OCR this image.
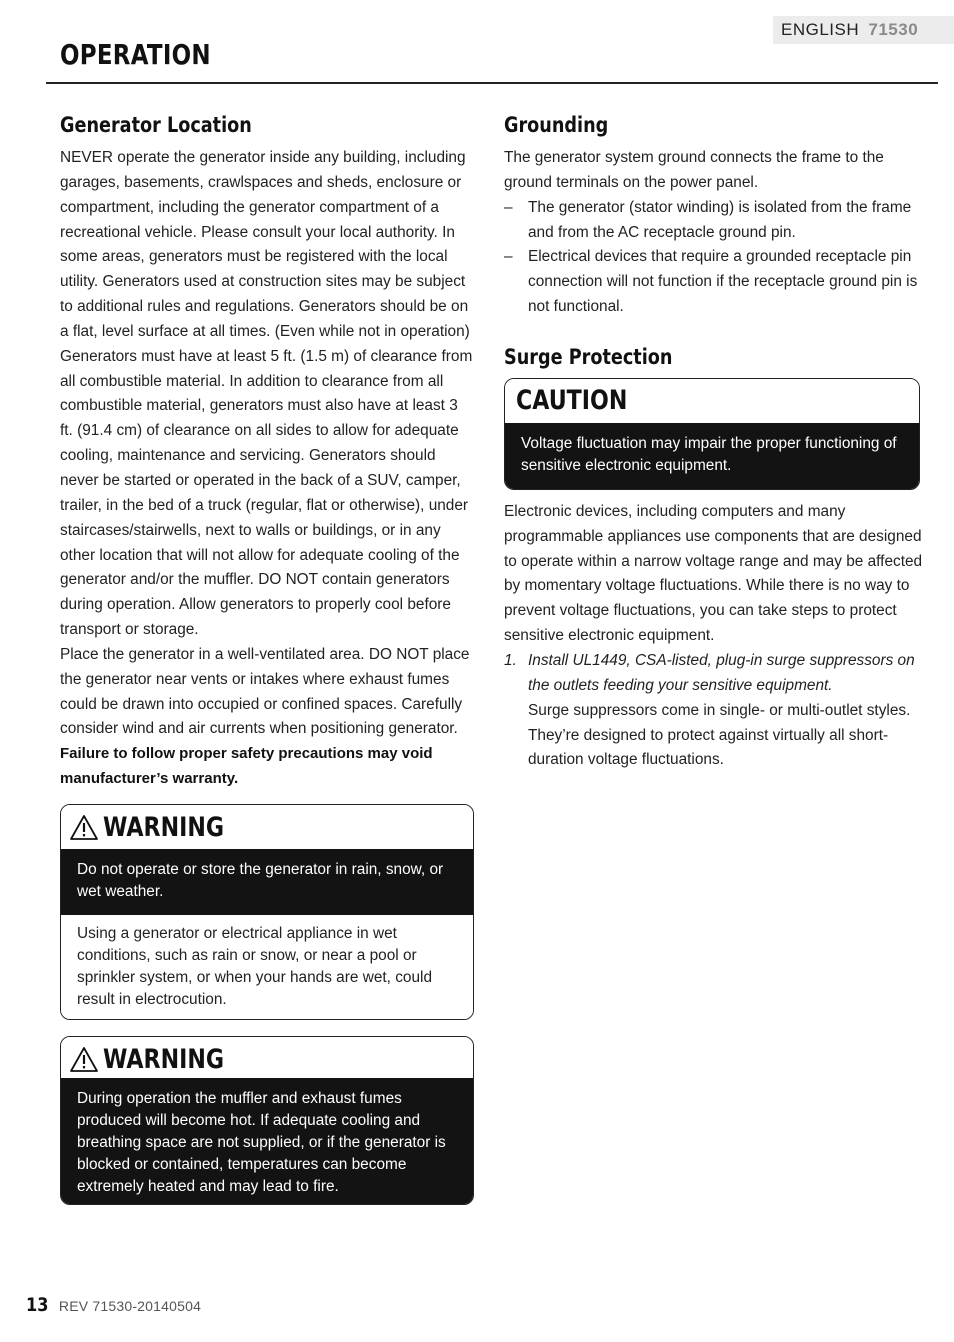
ENGLISH 71530
OPERATION
Generator Location

NEVER operate the generator inside any building, including garages, basements, crawlspaces and sheds, enclosure or compartment, including the generator compartment of a recreational vehicle. Please consult your local authority. In some areas, generators must be registered with the local utility. Generators used at construction sites may be subject to additional rules and regulations. Generators should be on a flat, level surface at all times. (Even while not in operation) Generators must have at least 5 ft. (1.5 m) of clearance from all combustible material. In addition to clearance from all combustible material, generators must also have at least 3 ft. (91.4 cm) of clearance on all sides to allow for adequate cooling, maintenance and servicing. Generators should never be started or operated in the back of a SUV, camper, trailer, in the bed of a truck (regular, flat or otherwise), under staircases/stairwells, next to walls or buildings, or in any other location that will not allow for adequate cooling of the generator and/or the muffler. DO NOT contain generators during operation. Allow generators to properly cool before transport or storage.

Place the generator in a well-ventilated area. DO NOT place the generator near vents or intakes where exhaust fumes could be drawn into occupied or confined spaces. Carefully consider wind and air currents when positioning generator.

Failure to follow proper safety precautions may void manufacturer’s warranty.

WARNING
Do not operate or store the generator in rain, snow, or wet weather.
Using a generator or electrical appliance in wet conditions, such as rain or snow, or near a pool or sprinkler system, or when your hands are wet, could result in electrocution.
WARNING
During operation the muffler and exhaust fumes produced will become hot. If adequate cooling and breathing space are not supplied, or if the generator is blocked or contained, temperatures can become extremely heated and may lead to fire.
Grounding

The generator system ground connects the frame to the ground terminals on the power panel.

– The generator (stator winding) is isolated from the frame and from the AC receptacle ground pin.
– Electrical devices that require a grounded receptacle pin connection will not function if the receptacle ground pin is not functional.
Surge Protection
CAUTION
Voltage fluctuation may impair the proper functioning of sensitive electronic equipment.

Electronic devices, including computers and many programmable appliances use components that are designed to operate within a narrow voltage range and may be affected by momentary voltage fluctuations. While there is no way to prevent voltage fluctuations, you can take steps to protect sensitive electronic equipment.

1. Install UL1449, CSA-listed, plug-in surge suppressors on the outlets feeding your sensitive equipment.
Surge suppressors come in single- or multi-outlet styles. They’re designed to protect against virtually all short-duration voltage fluctuations.
13 REV 71530-20140504
